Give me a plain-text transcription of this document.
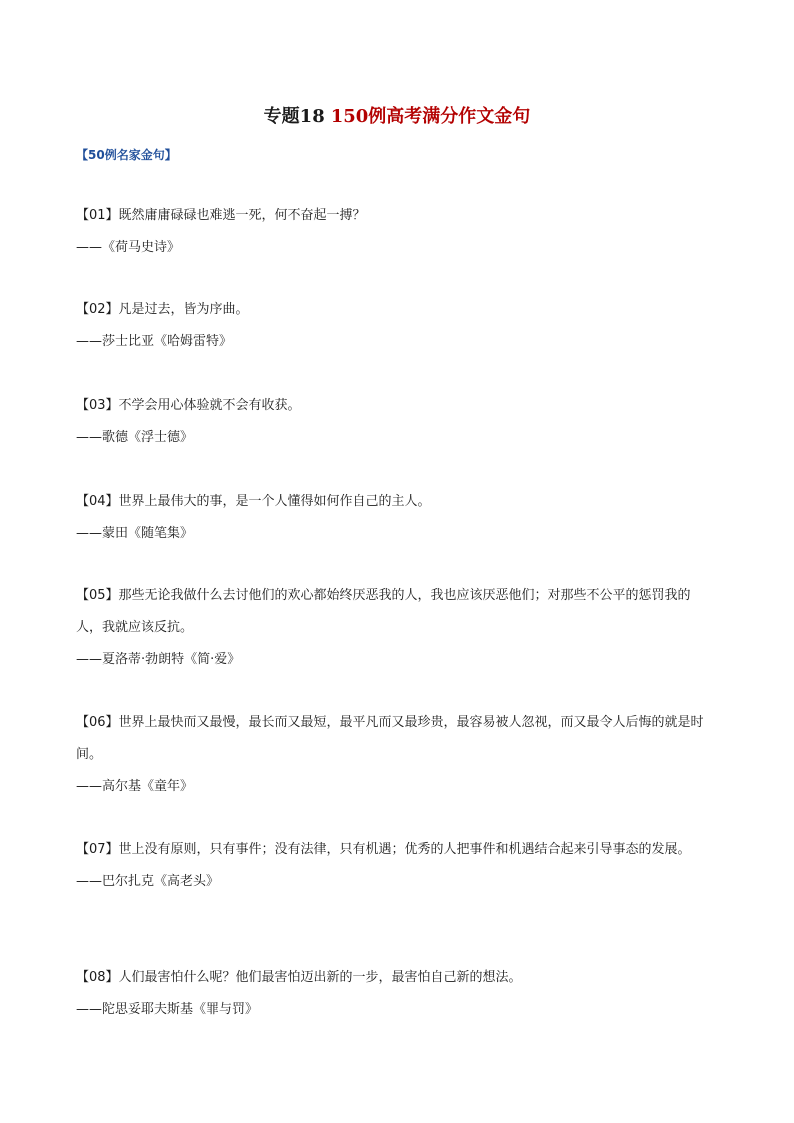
专题18 150例高考满分作文金句
【50例名家金句】
【01】既然庸庸碌碌也难逃一死，何不奋起一搏？
——《荷马史诗》
【02】凡是过去，皆为序曲。
——莎士比亚《哈姆雷特》
【03】不学会用心体验就不会有收获。
——歌德《浮士德》
【04】世界上最伟大的事，是一个人懂得如何作自己的主人。
——蒙田《随笔集》
【05】那些无论我做什么去讨他们的欢心都始终厌恶我的人，我也应该厌恶他们；对那些不公平的惩罚我的人，我就应该反抗。
——夏洛蒂·勃朗特《简·爱》
【06】世界上最快而又最慢，最长而又最短，最平凡而又最珍贵，最容易被人忽视，而又最令人后悔的就是时间。
——高尔基《童年》
【07】世上没有原则，只有事件；没有法律，只有机遇；优秀的人把事件和机遇结合起来引导事态的发展。
——巴尔扎克《高老头》
【08】人们最害怕什么呢？他们最害怕迈出新的一步，最害怕自己新的想法。
——陀思妥耶夫斯基《罪与罚》
